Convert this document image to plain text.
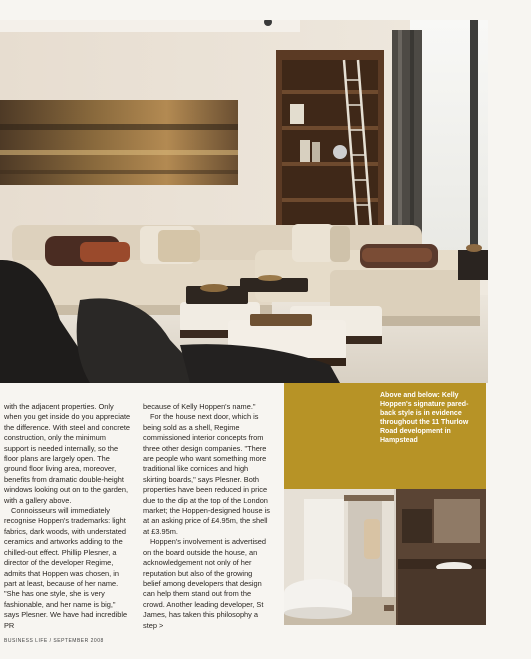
Above and below: Kelly Hoppen's signature pared-back style is in evidence throughout the 11 Thurlow Road development in Hampstead

with the adjacent properties. Only when you get inside do you appreciate the difference. With steel and concrete construction, only the minimum support is needed internally, so the floor plans are largely open. The ground floor living area, moreover, benefits from dramatic double-height windows looking out on to the garden, with a gallery above.

Connoisseurs will immediately recognise Hoppen's trademarks: light fabrics, dark woods, with understated ceramics and artworks adding to the chilled-out effect. Phillip Plesner, a director of the developer Regime, admits that Hoppen was chosen, in part at least, because of her name. "She has one style, she is very fashionable, and her name is big," says Plesner. We have had incredible PR

because of Kelly Hoppen's name."

For the house next door, which is being sold as a shell, Regime commissioned interior concepts from three other design companies. "There are people who want something more traditional like cornices and high skirting boards," says Plesner. Both properties have been reduced in price due to the dip at the top of the London market; the Hoppen-designed house is at an asking price of £4.95m, the shell at £3.95m.

Hoppen's involvement is advertised on the board outside the house, an acknowledgement not only of her reputation but also of the growing belief among developers that design can help them stand out from the crowd. Another leading developer, St James, has taken this philosophy a step >

BUSINESS LIFE / SEPTEMBER 2008
